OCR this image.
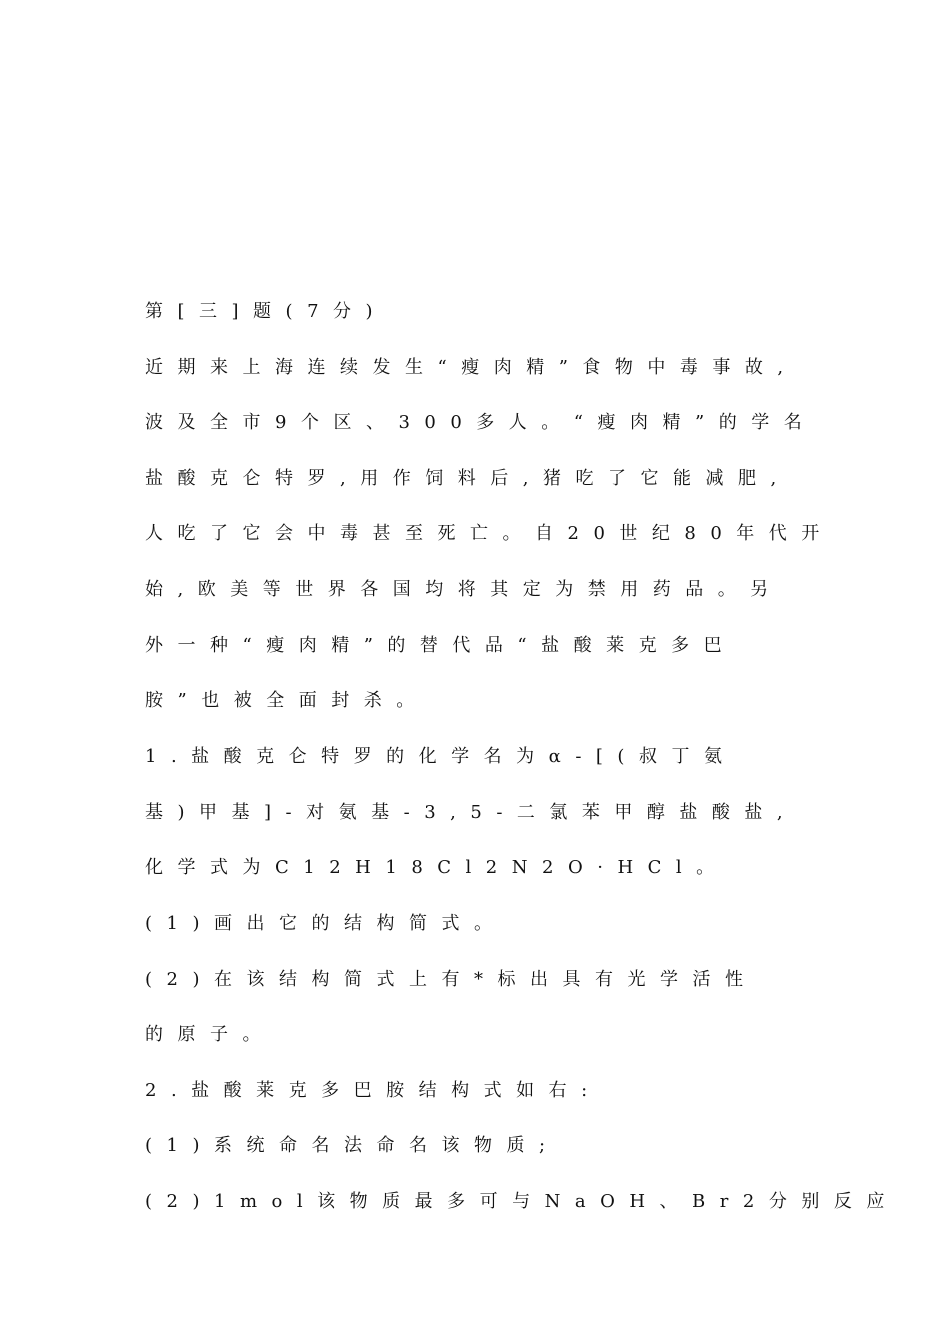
第[三]题(7分)
近期来上海连续发生“瘦肉精”食物中毒事故,
波及全市9个区、300多人。“瘦肉精”的学名
盐酸克仑特罗,用作饲料后,猪吃了它能减肥,
人吃了它会中毒甚至死亡。自20世纪80年代开
始,欧美等世界各国均将其定为禁用药品。另
外一种“瘦肉精”的替代品“盐酸莱克多巴
胺”也被全面封杀。
1.盐酸克仑特罗的化学名为α-[(叔丁氨
基)甲基]-对氨基-3,5-二氯苯甲醇盐酸盐,
化学式为C12H18Cl2N2O·HCl。
(1)画出它的结构简式。
(2)在该结构简式上有*标出具有光学活性
的原子。
2.盐酸莱克多巴胺结构式如右:
(1)系统命名法命名该物质;
(2)1mol该物质最多可与NaOH、Br2分别反应
